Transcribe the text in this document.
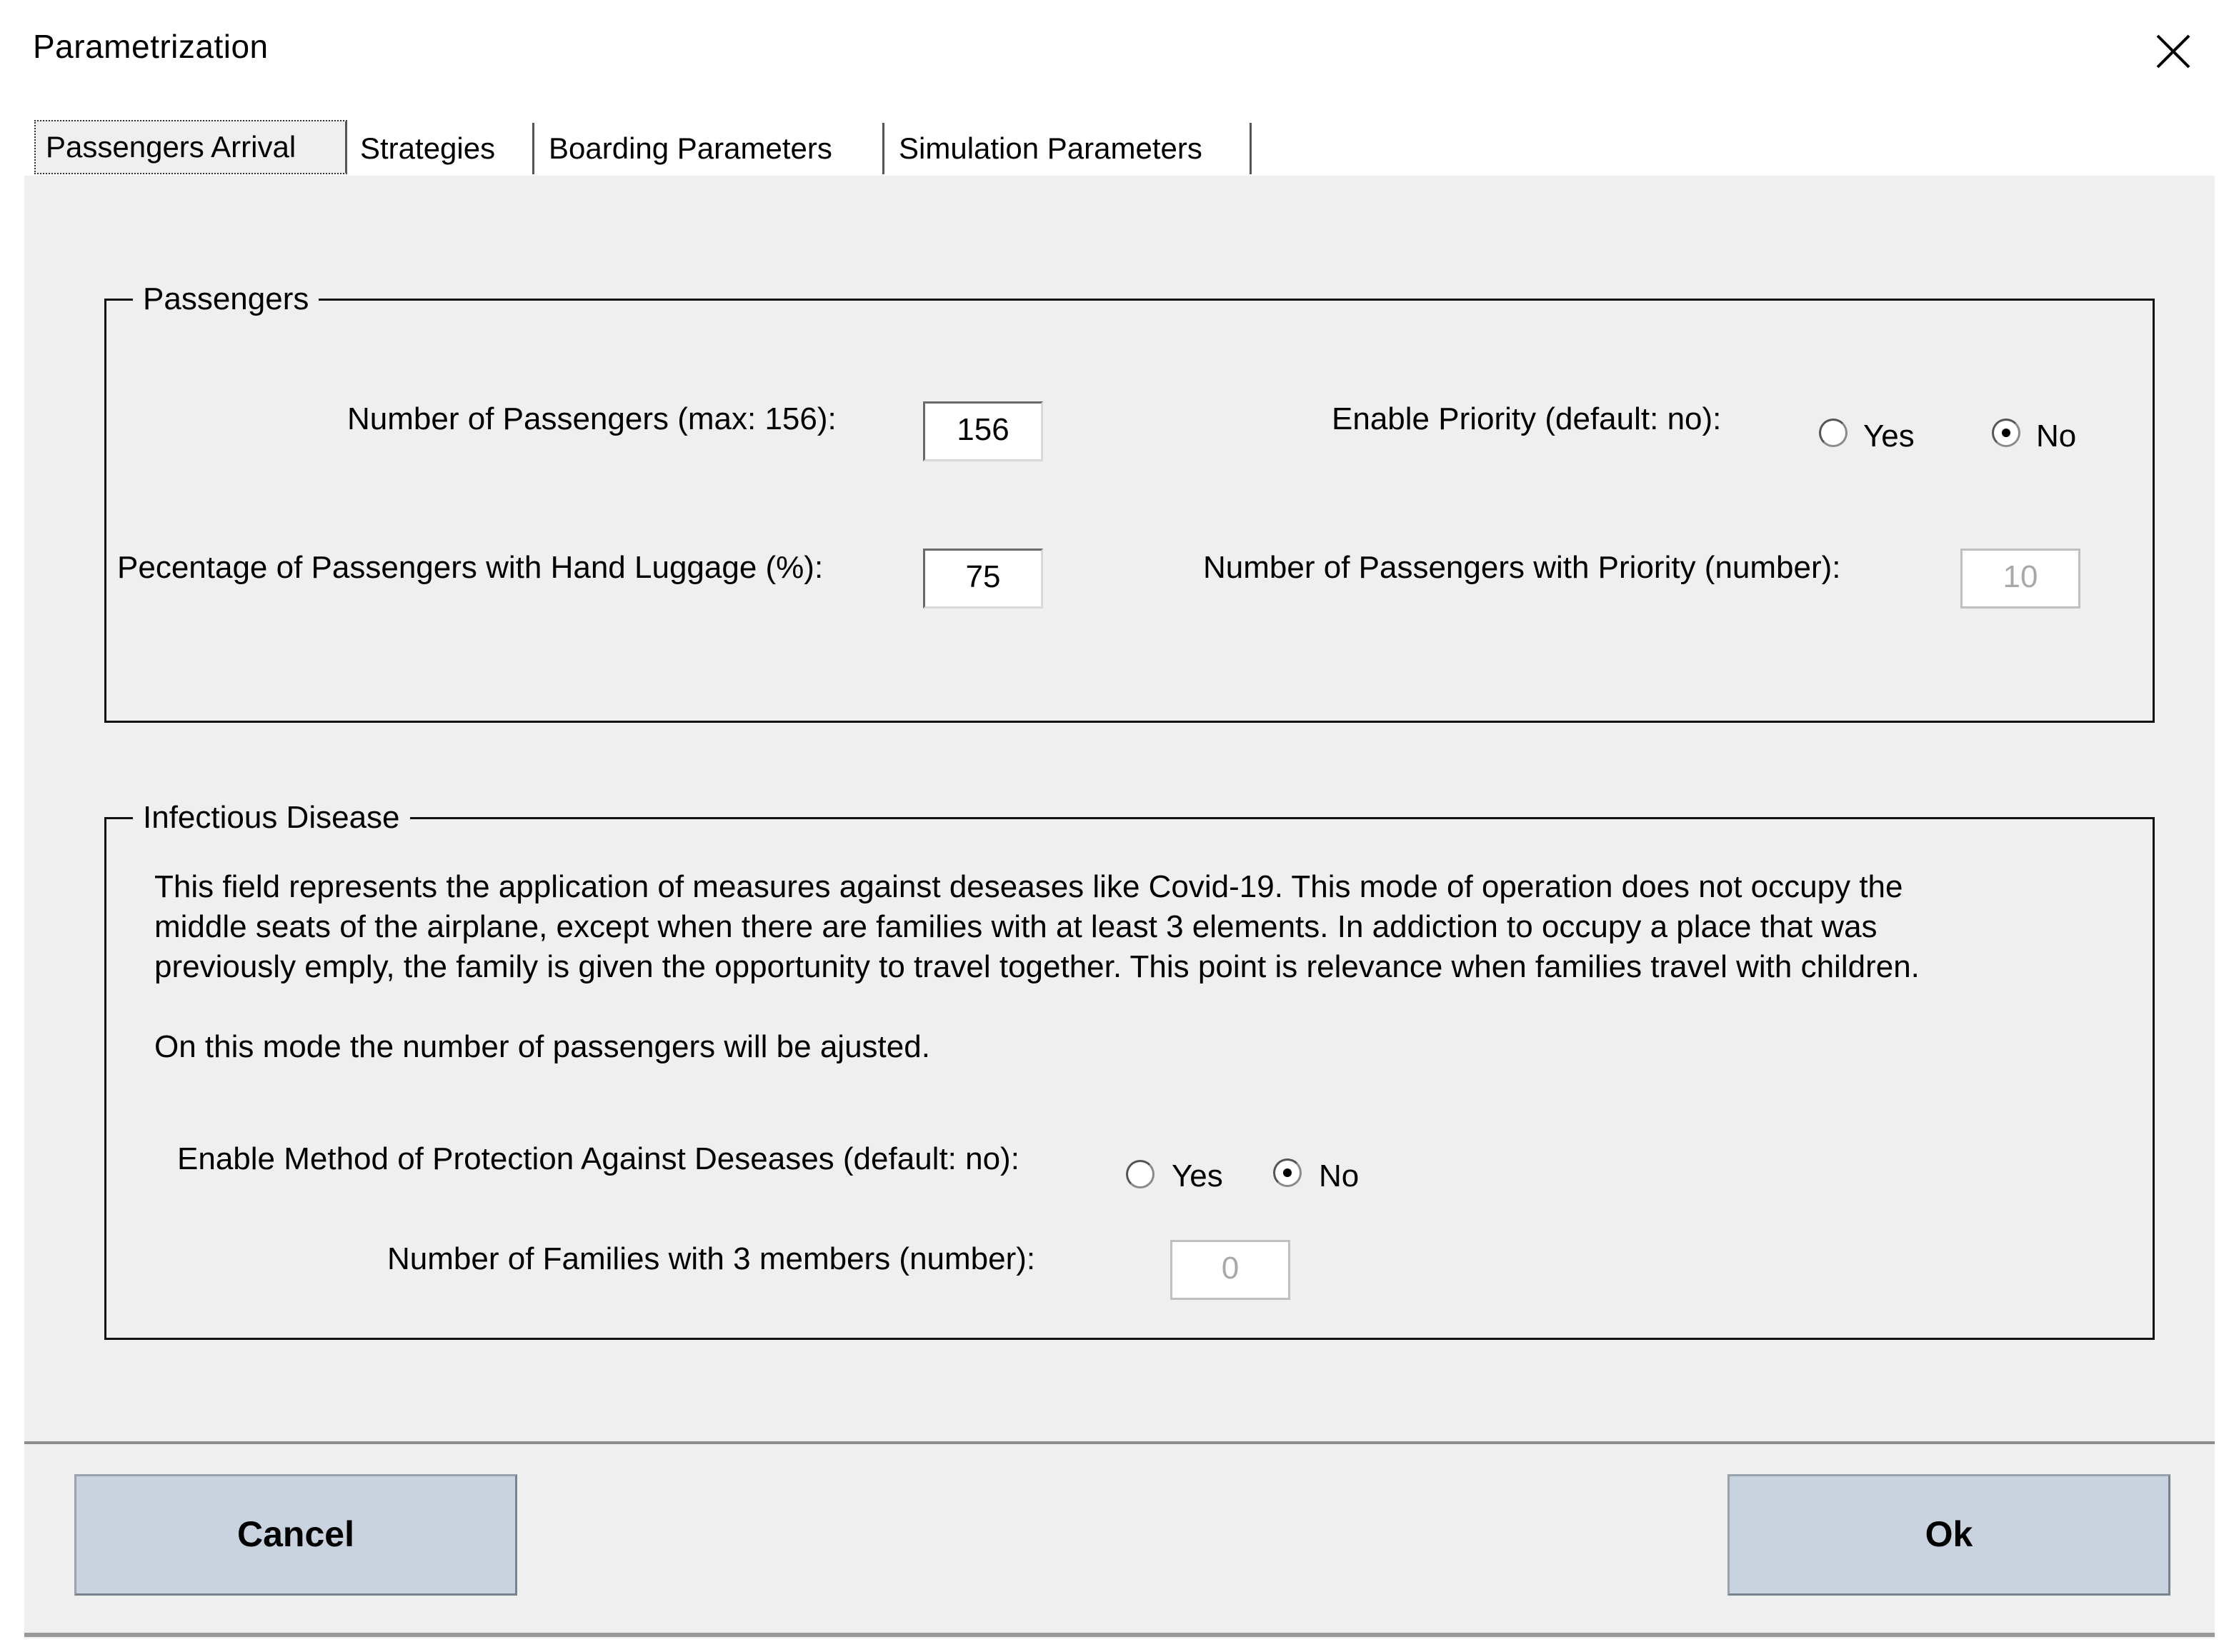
Parametrization
Passengers Arrival	Strategies	Boarding Parameters	Simulation Parameters
Passengers
Number of Passengers (max: 156):	156
Pecentage of Passengers with Hand Luggage (%):	75
Enable Priority (default: no):	Yes	No
Number of Passengers with Priority (number):	10
Infectious Disease

This field represents the application of measures against deseases like Covid-19. This mode of operation does not occupy the

middle seats of the airplane, except when there are families with at least 3 elements. In addiction to occupy a place that was

previously emply, the family is given the opportunity to travel together. This point is relevance when families travel with children.

On this mode the number of passengers will be ajusted.

Enable Method of Protection Against Deseases (default: no):	Yes	No
Number of Families with 3 members (number):	0
Cancel	Ok
